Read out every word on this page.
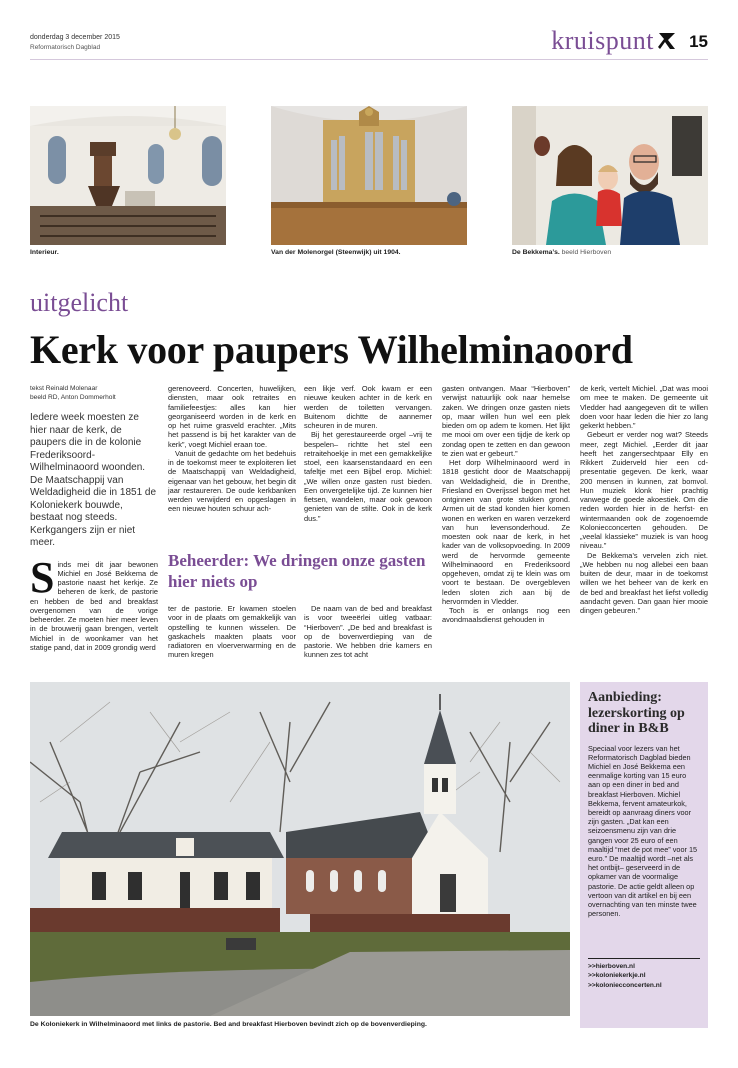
donderdag 3 december 2015
Reformatorisch Dagblad	kruispunt 15
Interieur.	Van der Molenorgel (Steenwijk) uit 1904.	De Bekkema’s. beeld Hierboven
uitgelicht
Kerk voor paupers Wilhelminaoord
tekst Reinald Molenaar
beeld RD, Anton Dommerholt
Iedere week moesten ze hier naar de kerk, de paupers die in de kolonie Frederiksoord-Wilhelminaoord woonden. De Maatschappij van Weldadigheid die in 1851 de Koloniekerk bouwde, bestaat nog steeds. Kerkgangers zijn er niet meer.
Sinds mei dit jaar bewonen Michiel en José Bekkema de pastorie naast het kerkje. Ze beheren de kerk, de pastorie en hebben de bed and breakfast overgenomen van de vorige beheerder. Ze moeten hier meer leven in de brouwerij gaan brengen, vertelt Michiel in de woonkamer van het statige pand, dat in 2009 grondig werd

gerenoveerd. Concerten, huwelijken, diensten, maar ook retraites en familiefeestjes: alles kan hier georganiseerd worden in de kerk en op het ruime grasveld erachter. „Mits het passend is bij het karakter van de kerk”, voegt Michiel eraan toe.

Vanuit de gedachte om het bedehuis in de toekomst meer te exploiteren liet de Maatschappij van Weldadigheid, eigenaar van het gebouw, het begin dit jaar restaureren. De oude kerkbanken werden verwijderd en opgeslagen in een nieuwe houten schuur ach-

een likje verf. Ook kwam er een nieuwe keuken achter in de kerk en werden de toiletten vervangen. Buitenom dichtte de aannemer scheuren in de muren.

Bij het gerestaureerde orgel –vrij te bespelen– richtte het stel een retraitehoekje in met een gemakkelijke stoel, een kaarsenstandaard en een tafeltje met een Bijbel erop. Michiel: „We willen onze gasten rust bieden. Een onvergetelijke tijd. Ze kunnen hier fietsen, wandelen, maar ook gewoon genieten van de stilte. Ook in de kerk dus.”

Beheerder: We dringen onze gasten hier niets op

ter de pastorie. Er kwamen stoelen voor in de plaats om gemakkelijk van opstelling te kunnen wisselen. De gaskachels maakten plaats voor radiatoren en vloerverwarming en de muren kregen

De naam van de bed and breakfast is voor tweeërlei uitleg vatbaar: “Hierboven”. „De bed and breakfast is op de bovenverdieping van de pastorie. We hebben drie kamers en kunnen zes tot acht

gasten ontvangen. Maar “Hierboven” verwijst natuurlijk ook naar hemelse zaken. We dringen onze gasten niets op, maar willen hun wel een plek bieden om op adem te komen. Het lijkt me mooi om over een tijdje de kerk op zondag open te zetten en dan gewoon te zien wat er gebeurt.”

Het dorp Wilhelminaoord werd in 1818 gesticht door de Maatschappij van Weldadigheid, die in Drenthe, Friesland en Overijssel begon met het ontginnen van grote stukken grond. Armen uit de stad konden hier komen wonen en werken en waren verzekerd van hun levensonderhoud. Ze moesten ook naar de kerk, in het kader van de volksopvoeding. In 2009 werd de hervormde gemeente Wilhelminaoord en Frederiksoord opgeheven, omdat zij te klein was om voort te bestaan. De overgebleven leden sloten zich aan bij de hervormden in Vledder.

Toch is er onlangs nog een avondmaalsdienst gehouden in

de kerk, vertelt Michiel. „Dat was mooi om mee te maken. De gemeente uit Vledder had aangegeven dit te willen doen voor haar leden die hier zo lang gekerkt hebben.”

Gebeurt er verder nog wat? Steeds meer, zegt Michiel. „Eerder dit jaar heeft het zangersechtpaar Elly en Rikkert Zuiderveld hier een cd-presentatie gegeven. De kerk, waar 200 mensen in kunnen, zat bomvol. Hun muziek klonk hier prachtig vanwege de goede akoestiek. Om die reden worden hier in de herfst- en wintermaanden ook de zogenoemde Koloniecconcerten gehouden. De „veelal klassieke” muziek is van hoog niveau.”

De Bekkema’s vervelen zich niet. „We hebben nu nog allebei een baan buiten de deur, maar in de toekomst willen we het beheer van de kerk en de bed and breakfast het liefst volledig aandacht geven. Dan gaan hier mooie dingen gebeuren.”

De Koloniekerk in Wilhelminaoord met links de pastorie. Bed and breakfast Hierboven bevindt zich op de bovenverdieping.
Aanbieding: lezerskorting op diner in B&B
Speciaal voor lezers van het Reformatorisch Dagblad bieden Michiel en José Bekkema een eenmalige korting van 15 euro aan op een diner in bed and breakfast Hierboven. Michiel Bekkema, fervent amateurkok, bereidt op aanvraag diners voor zijn gasten. „Dat kan een seizoensmenu zijn van drie gangen voor 25 euro of een maaltijd “met de pot mee” voor 15 euro.” De maaltijd wordt –net als het ontbijt– geserveerd in de opkamer van de voormalige pastorie. De actie geldt alleen op vertoon van dit artikel en bij een overnachting van ten minste twee personen.
>>hierboven.nl
>>koloniekerkje.nl
>>koloniecconcerten.nl
